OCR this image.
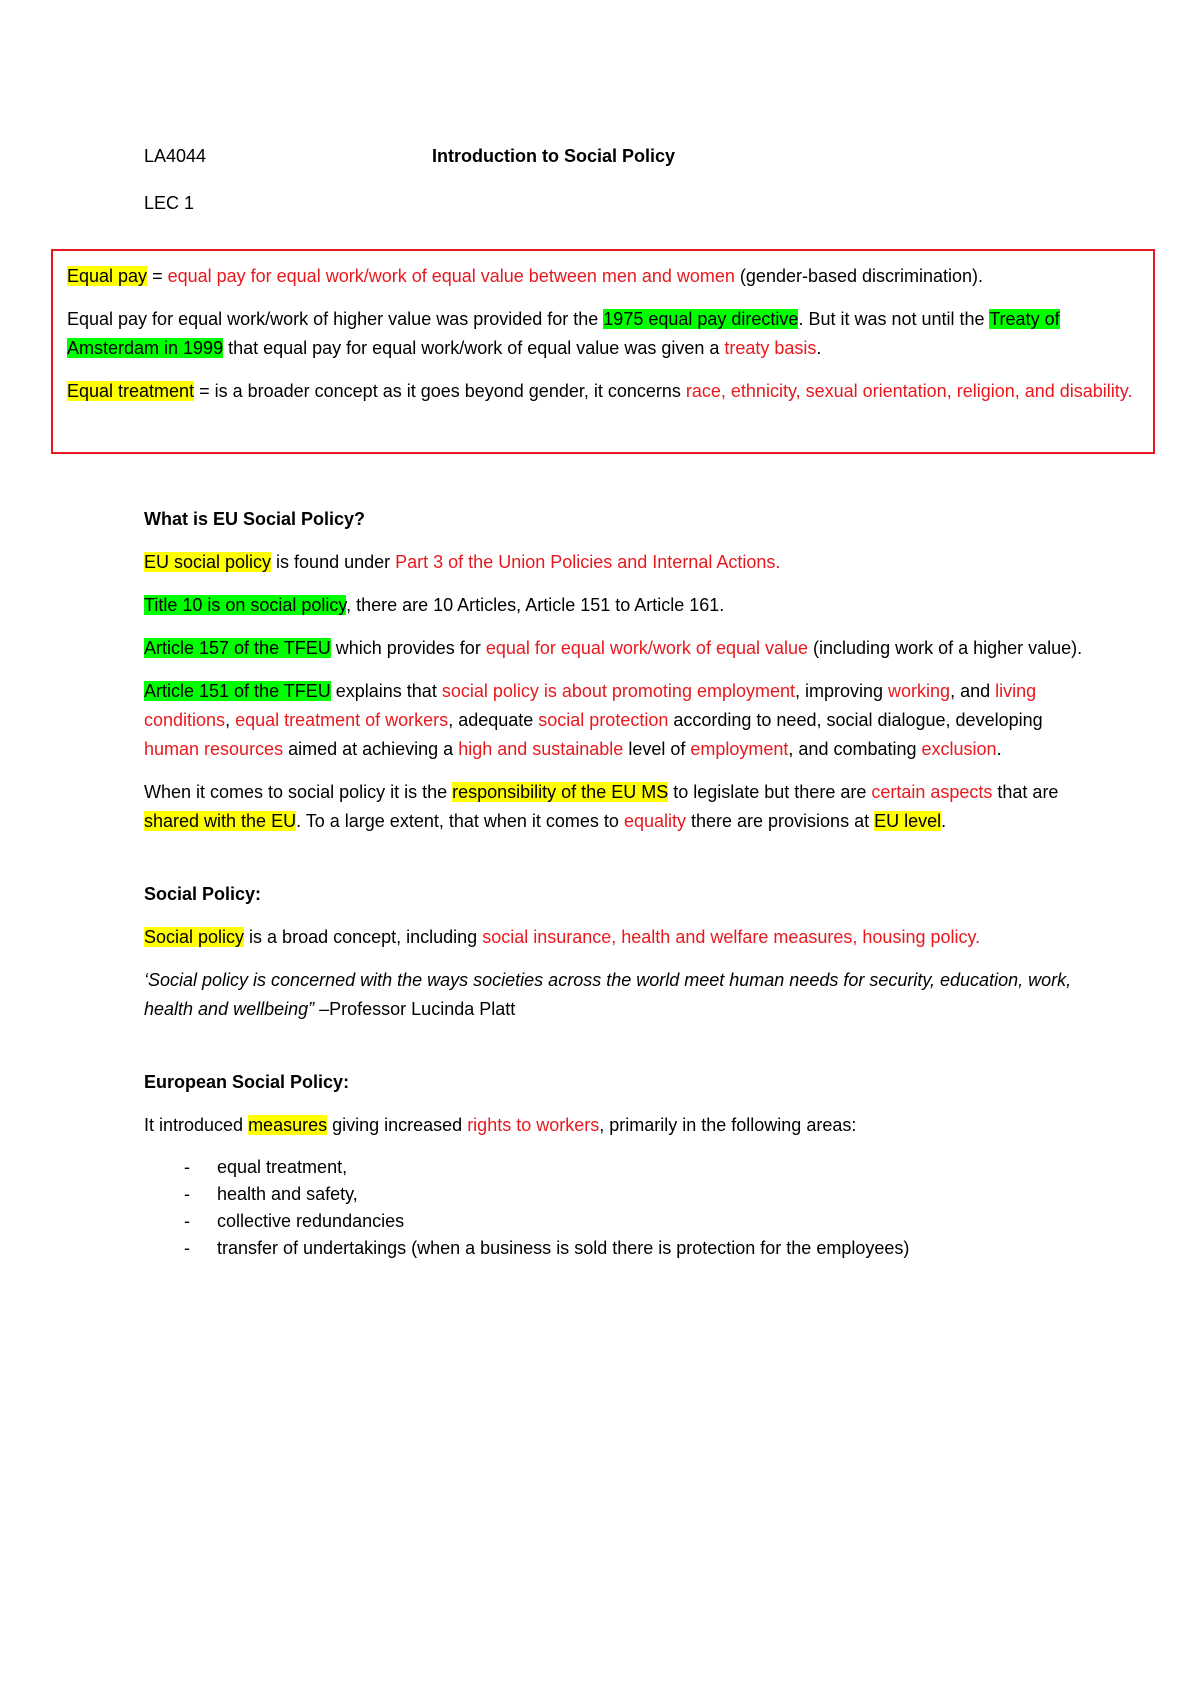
LA4044	Introduction to Social Policy
LEC 1

Equal pay = equal pay for equal work/work of equal value between men and women (gender-based discrimination).

Equal pay for equal work/work of higher value was provided for the 1975 equal pay directive. But it was not until the Treaty of Amsterdam in 1999 that equal pay for equal work/work of equal value was given a treaty basis.

Equal treatment = is a broader concept as it goes beyond gender, it concerns race, ethnicity, sexual orientation, religion, and disability.

What is EU Social Policy?

EU social policy is found under Part 3 of the Union Policies and Internal Actions.

Title 10 is on social policy, there are 10 Articles, Article 151 to Article 161.

Article 157 of the TFEU which provides for equal for equal work/work of equal value (including work of a higher value).

Article 151 of the TFEU explains that social policy is about promoting employment, improving working, and living conditions, equal treatment of workers, adequate social protection according to need, social dialogue, developing human resources aimed at achieving a high and sustainable level of employment, and combating exclusion.

When it comes to social policy it is the responsibility of the EU MS to legislate but there are certain aspects that are shared with the EU. To a large extent, that when it comes to equality there are provisions at EU level.

Social Policy:

Social policy is a broad concept, including social insurance, health and welfare measures, housing policy.

‘Social policy is concerned with the ways societies across the world meet human needs for security, education, work, health and wellbeing” –Professor Lucinda Platt

European Social Policy:

It introduced measures giving increased rights to workers, primarily in the following areas:

- equal treatment,
- health and safety,
- collective redundancies
- transfer of undertakings (when a business is sold there is protection for the employees)
